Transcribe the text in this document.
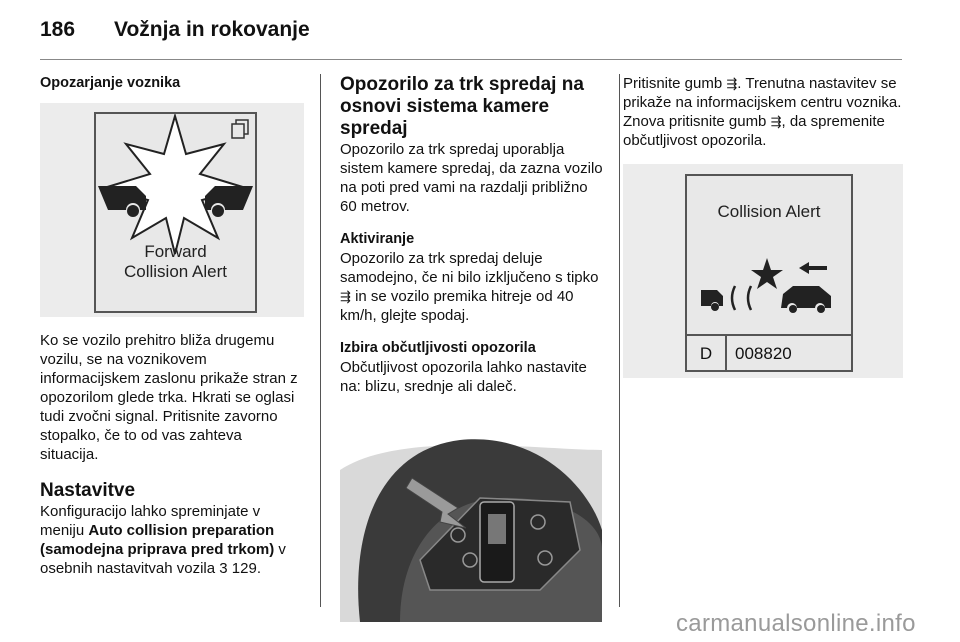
186 Vožnja in rokovanje

Opozarjanje voznika

Forward
Collision Alert

Ko se vozilo prehitro bliža drugemu vozilu, se na voznikovem informacijskem zaslonu prikaže stran z opozorilom glede trka. Hkrati se oglasi tudi zvočni signal. Pritisnite zavorno stopalko, če to od vas zahteva situacija.

Nastavitve

Konfiguracijo lahko spreminjate v meniju Auto collision preparation (samodejna priprava pred trkom) v osebnih nastavitvah vozila 3 129.

Opozorilo za trk spredaj na osnovi sistema kamere spredaj

Opozorilo za trk spredaj uporablja sistem kamere spredaj, da zazna vozilo na poti pred vami na razdalji približno 60 metrov.

Aktiviranje

Opozorilo za trk spredaj deluje samodejno, če ni bilo izključeno s tipko ⇶ in se vozilo premika hitreje od 40 km/h, glejte spodaj.

Izbira občutljivosti opozorila

Občutljivost opozorila lahko nastavite na: blizu, srednje ali daleč.

Pritisnite gumb ⇶. Trenutna nastavitev se prikaže na informacijskem centru voznika. Znova pritisnite gumb ⇶, da spremenite občutljivost opozorila.

Collision Alert
D	008820
carmanualsonline.info
